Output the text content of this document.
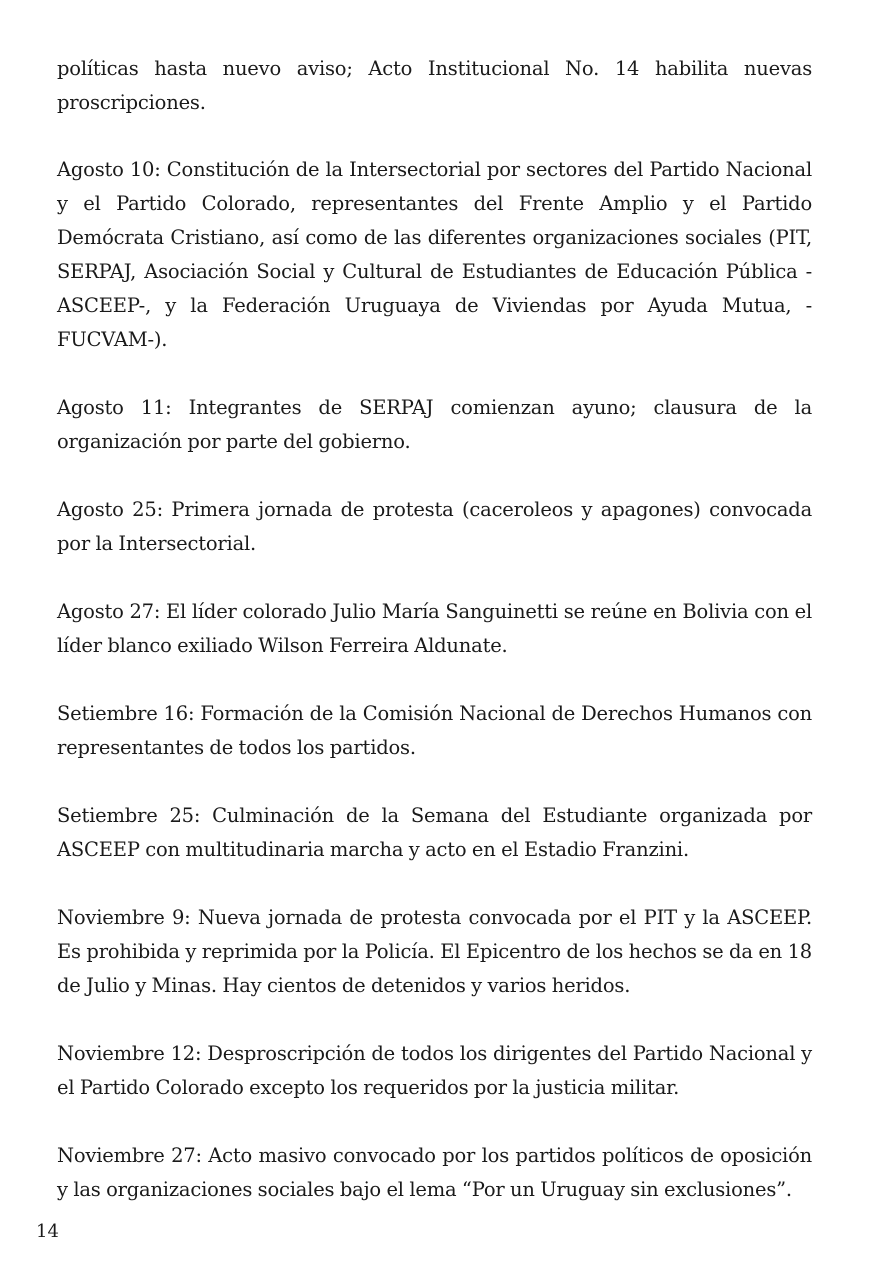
políticas hasta nuevo aviso; Acto Institucional No. 14 habilita nuevas proscripciones.

Agosto 10: Constitución de la Intersectorial por sectores del Partido Nacional y el Partido Colorado, representantes del Frente Amplio y el Partido Demócrata Cristiano, así como de las diferentes organizaciones sociales (PIT, SERPAJ, Asociación Social y Cultural de Estudiantes de Educación Pública -ASCEEP-, y la Federación Uruguaya de Viviendas por Ayuda Mutua, -FUCVAM-).

Agosto 11: Integrantes de SERPAJ comienzan ayuno; clausura de la organización por parte del gobierno.

Agosto 25: Primera jornada de protesta (caceroleos y apagones) convocada por la Intersectorial.

Agosto 27: El líder colorado Julio María Sanguinetti se reúne en Bolivia con el líder blanco exiliado Wilson Ferreira Aldunate.

Setiembre 16: Formación de la Comisión Nacional de Derechos Humanos con representantes de todos los partidos.

Setiembre 25: Culminación de la Semana del Estudiante organizada por ASCEEP con multitudinaria marcha y acto en el Estadio Franzini.

Noviembre 9: Nueva jornada de protesta convocada por el PIT y la ASCEEP. Es prohibida y reprimida por la Policía. El Epicentro de los hechos se da en 18 de Julio y Minas. Hay cientos de detenidos y varios heridos.

Noviembre 12: Desproscripción de todos los dirigentes del Partido Nacional y el Partido Colorado excepto los requeridos por la justicia militar.

Noviembre 27: Acto masivo convocado por los partidos políticos de oposición y las organizaciones sociales bajo el lema “Por un Uruguay sin exclusiones”.

14
